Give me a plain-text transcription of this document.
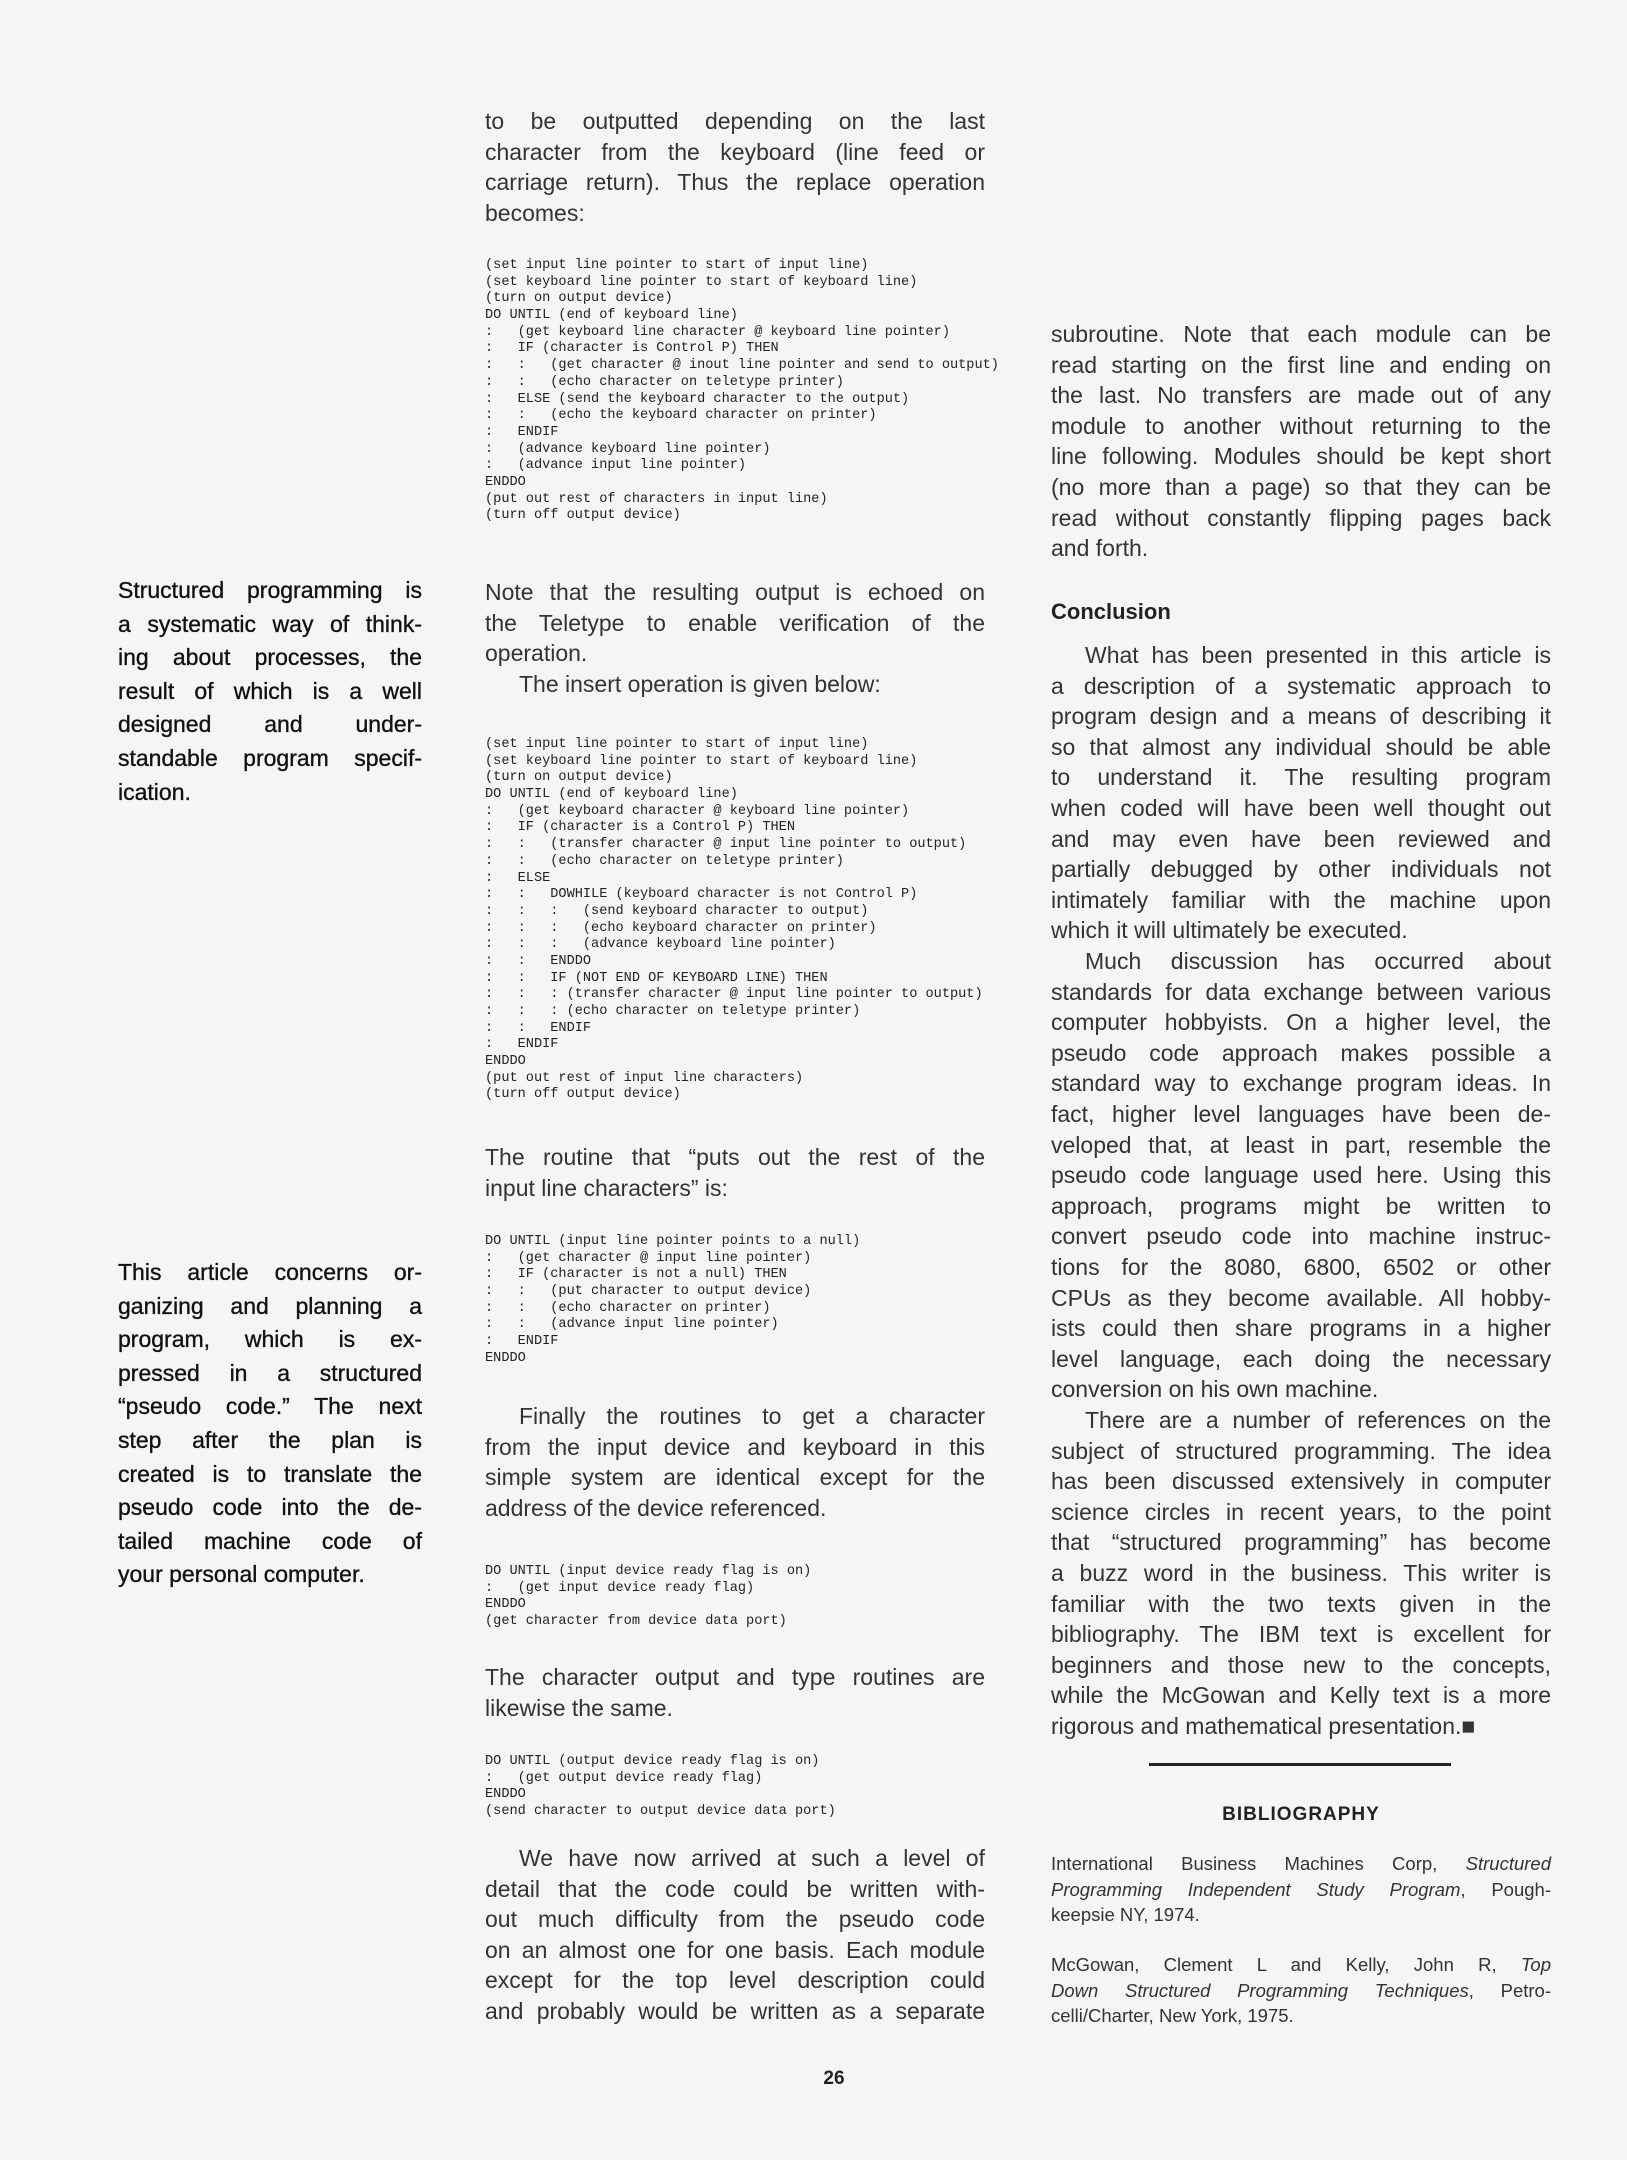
Structured programming is
a systematic way of think-
ing about processes, the
result of which is a well
designed and under-
standable program specif-
ication.
This article concerns or-
ganizing and planning a
program, which is ex-
pressed in a structured
“pseudo code.” The next
step after the plan is
created is to translate the
pseudo code into the de-
tailed machine code of
your personal computer.
to be outputted depending on the last
character from the keyboard (line feed or
carriage return). Thus the replace operation
becomes:
(set input line pointer to start of input line)
(set keyboard line pointer to start of keyboard line)
(turn on output device)
DO UNTIL (end of keyboard line)
:   (get keyboard line character @ keyboard line pointer)
:   IF (character is Control P) THEN
:   :   (get character @ inout line pointer and send to output)
:   :   (echo character on teletype printer)
:   ELSE (send the keyboard character to the output)
:   :   (echo the keyboard character on printer)
:   ENDIF
:   (advance keyboard line pointer)
:   (advance input line pointer)
ENDDO
(put out rest of characters in input line)
(turn off output device)
Note that the resulting output is echoed on
the Teletype to enable verification of the
operation.
The insert operation is given below:
(set input line pointer to start of input line)
(set keyboard line pointer to start of keyboard line)
(turn on output device)
DO UNTIL (end of keyboard line)
:   (get keyboard character @ keyboard line pointer)
:   IF (character is a Control P) THEN
:   :   (transfer character @ input line pointer to output)
:   :   (echo character on teletype printer)
:   ELSE
:   :   DOWHILE (keyboard character is not Control P)
:   :   :   (send keyboard character to output)
:   :   :   (echo keyboard character on printer)
:   :   :   (advance keyboard line pointer)
:   :   ENDDO
:   :   IF (NOT END OF KEYBOARD LINE) THEN
:   :   : (transfer character @ input line pointer to output)
:   :   : (echo character on teletype printer)
:   :   ENDIF
:   ENDIF
ENDDO
(put out rest of input line characters)
(turn off output device)
The routine that “puts out the rest of the
input line characters” is:
DO UNTIL (input line pointer points to a null)
:   (get character @ input line pointer)
:   IF (character is not a null) THEN
:   :   (put character to output device)
:   :   (echo character on printer)
:   :   (advance input line pointer)
:   ENDIF
ENDDO
Finally the routines to get a character
from the input device and keyboard in this
simple system are identical except for the
address of the device referenced.
DO UNTIL (input device ready flag is on)
:   (get input device ready flag)
ENDDO
(get character from device data port)
The character output and type routines are
likewise the same.
DO UNTIL (output device ready flag is on)
:   (get output device ready flag)
ENDDO
(send character to output device data port)
We have now arrived at such a level of
detail that the code could be written with-
out much difficulty from the pseudo code
on an almost one for one basis. Each module
except for the top level description could
and probably would be written as a separate
subroutine. Note that each module can be
read starting on the first line and ending on
the last. No transfers are made out of any
module to another without returning to the
line following. Modules should be kept short
(no more than a page) so that they can be
read without constantly flipping pages back
and forth.
Conclusion
What has been presented in this article is
a description of a systematic approach to
program design and a means of describing it
so that almost any individual should be able
to understand it. The resulting program
when coded will have been well thought out
and may even have been reviewed and
partially debugged by other individuals not
intimately familiar with the machine upon
which it will ultimately be executed.
Much discussion has occurred about
standards for data exchange between various
computer hobbyists. On a higher level, the
pseudo code approach makes possible a
standard way to exchange program ideas. In
fact, higher level languages have been de-
veloped that, at least in part, resemble the
pseudo code language used here. Using this
approach, programs might be written to
convert pseudo code into machine instruc-
tions for the 8080, 6800, 6502 or other
CPUs as they become available. All hobby-
ists could then share programs in a higher
level language, each doing the necessary
conversion on his own machine.
There are a number of references on the
subject of structured programming. The idea
has been discussed extensively in computer
science circles in recent years, to the point
that “structured programming” has become
a buzz word in the business. This writer is
familiar with the two texts given in the
bibliography. The IBM text is excellent for
beginners and those new to the concepts,
while the McGowan and Kelly text is a more
rigorous and mathematical presentation.■
BIBLIOGRAPHY
International Business Machines Corp, Structured
Programming Independent Study Program, Pough-
keepsie NY, 1974.
McGowan, Clement L and Kelly, John R, Top
Down Structured Programming Techniques, Petro-
celli/Charter, New York, 1975.
26
